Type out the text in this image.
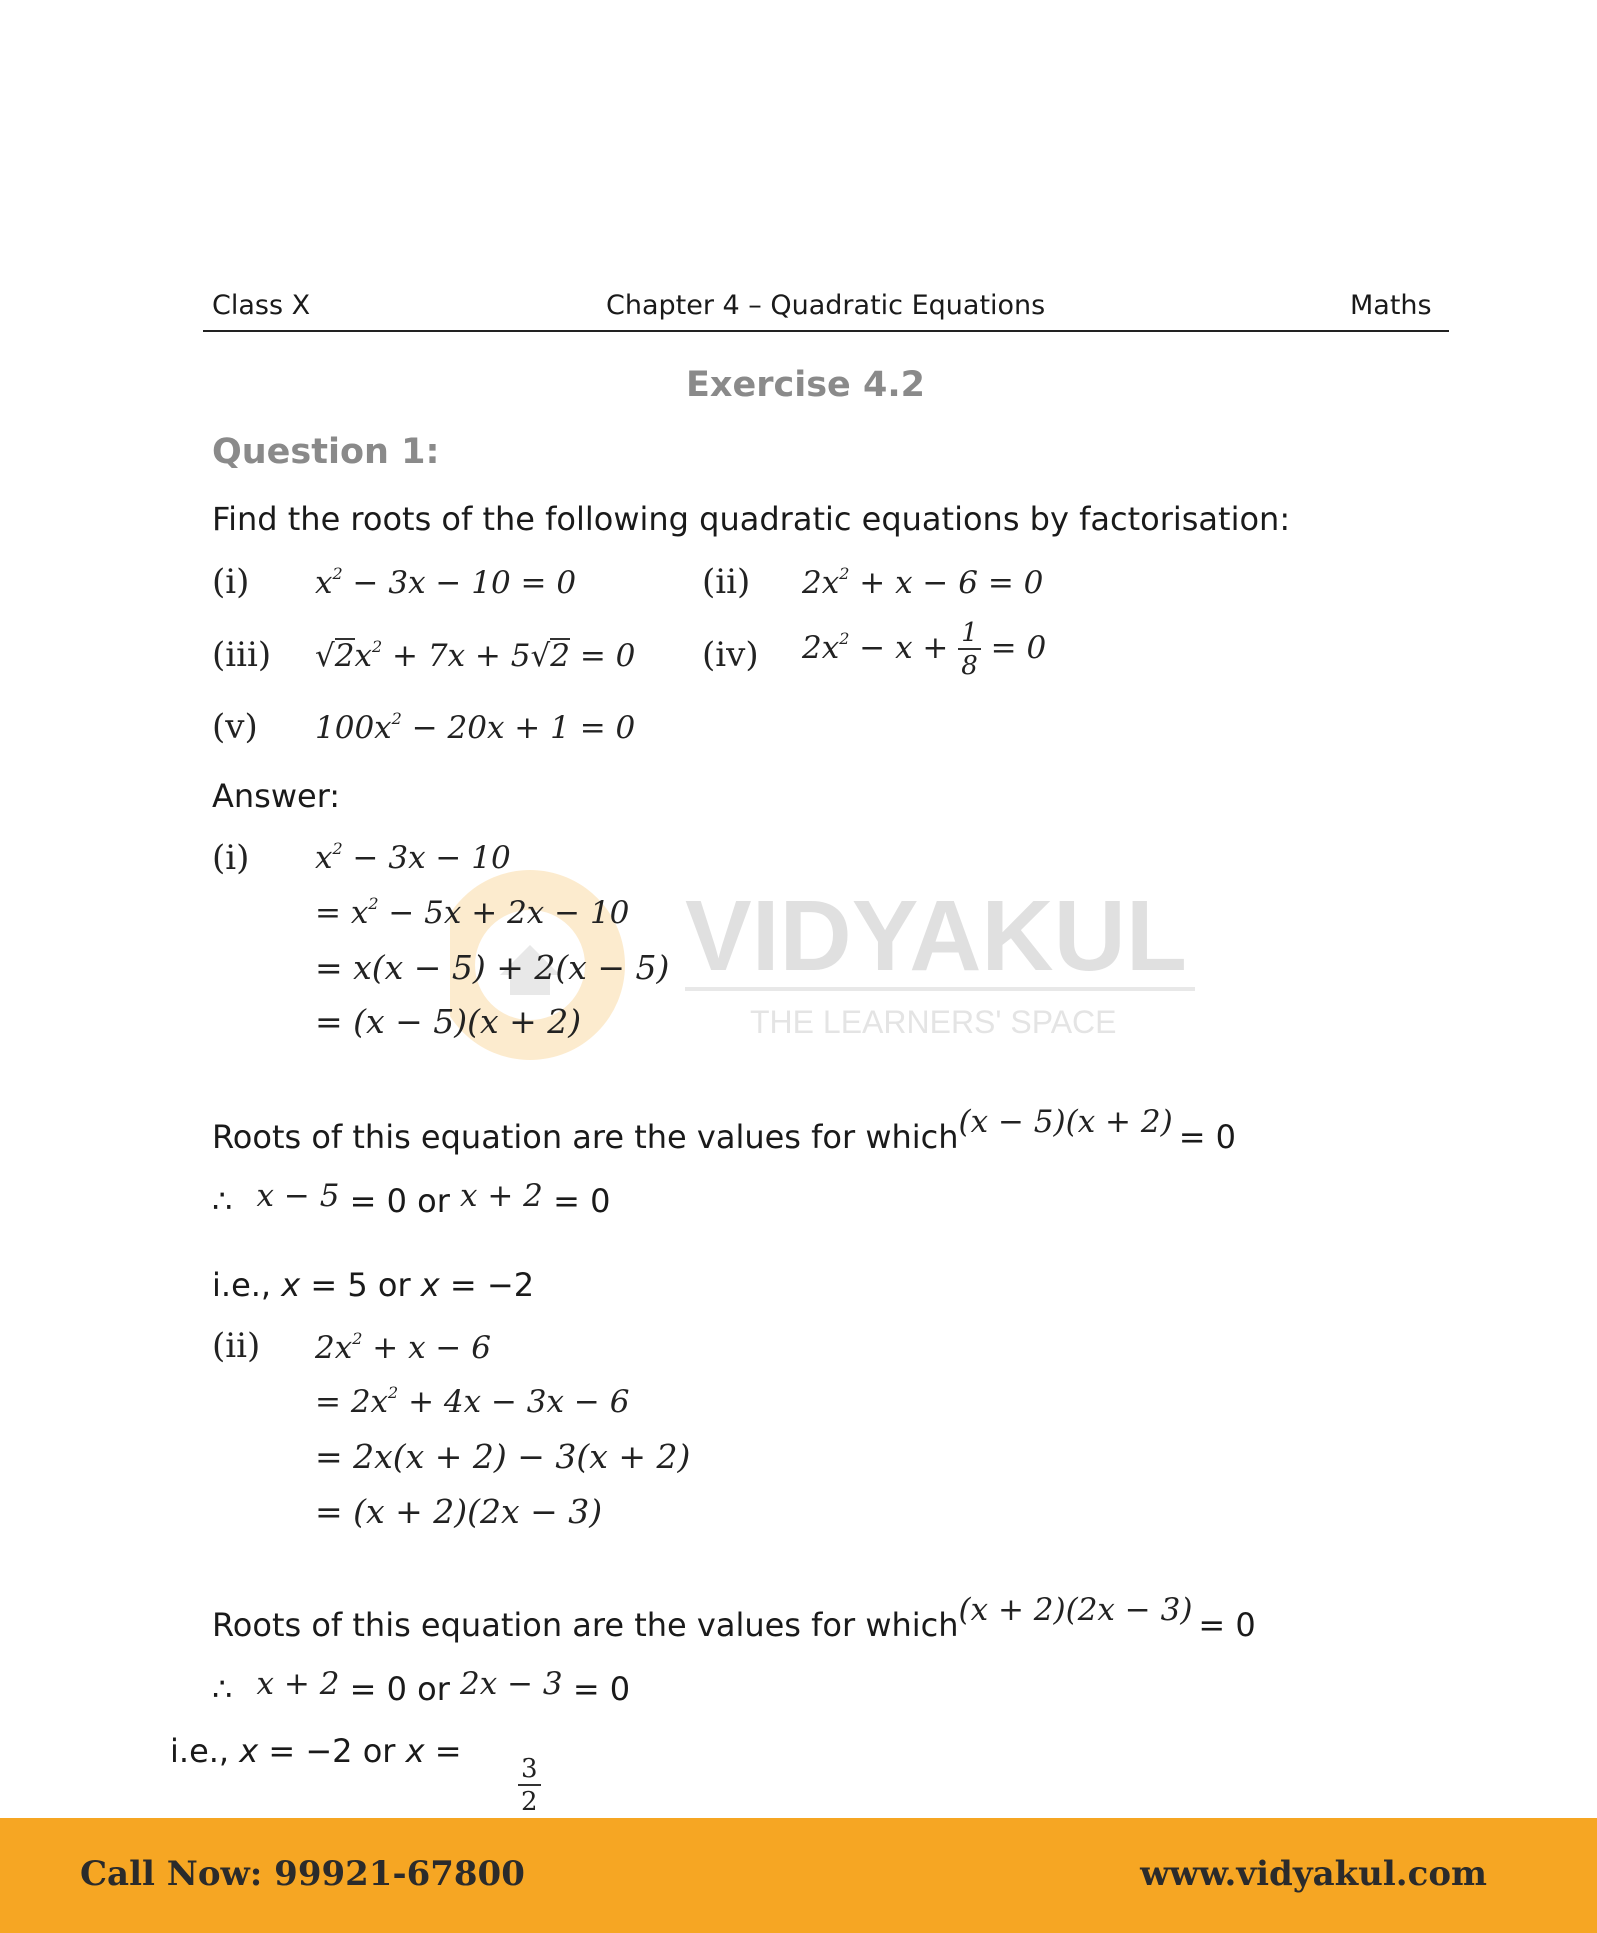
Class X	Chapter 4 – Quadratic Equations	Maths
VIDYAKUL
THE LEARNERS' SPACE
Exercise 4.2
Question 1:
Find the roots of the following quadratic equations by factorisation:
(i) $x^2 - 3x - 10 = 0$	(ii) $2x^2 + x - 6 = 0$
(iii) $√2x^2 + 7x + 5√2 = 0$ (iv) $2x^2 - x + \frac{1}{8} = 0$
(v) $100x^2 - 20x + 1 = 0$
Answer:
(i) $x^2 - 3x - 10$
= $x^2 - 5x + 2x - 10$
= x(x − 5) + 2(x − 5)
= (x − 5)(x + 2)
Roots of this equation are the values for which(x − 5)(x + 2) = 0
∴ x − 5 = 0 or x + 2 = 0
i.e., x = 5 or x = −2
(ii) $2x^2 + x - 6$
= $2x^2 + 4x - 3x - 6$
= 2x(x + 2) − 3(x + 2)
= (x + 2)(2x − 3)
Roots of this equation are the values for which(x + 2)(2x − 3) = 0
∴ x + 2 = 0 or 2x − 3 = 0
i.e., x = −2 or x =
$\frac{3}{2}$
Call Now: 99921-67800	www.vidyakul.com
